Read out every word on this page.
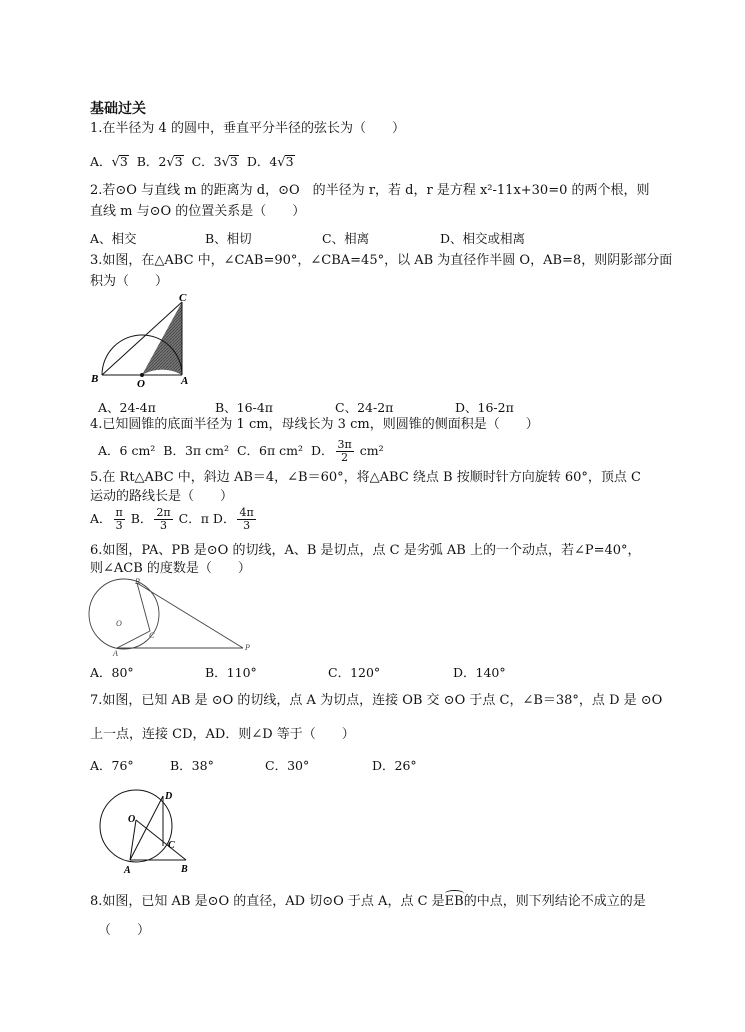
基础过关
1.在半径为 4 的圆中，垂直平分半径的弦长为（　　）
A．√3 B．2√3 C．3√3 D．4√3
2.若⊙O 与直线 m 的距离为 d，⊙O　的半径为 r，若 d，r 是方程 x²-11x+30=0 的两个根，则
直线 m 与⊙O 的位置关系是（　　）
A、相交	B、相切	C、相离	D、相交或相离
3.如图，在△ABC 中，∠CAB=90°，∠CBA=45°，以 AB 为直径作半圆 O，AB=8，则阴影部分面
积为（　　）
B	O	A
C
A、24-4π	B、16-4π	C、24-2π	D、16-2π
4.已知圆锥的底面半径为 1 cm，母线长为 3 cm，则圆锥的侧面积是（　　）
A．6 cm² B．3π cm² C．6π cm² D． $\frac{3\pi}{2} cm^2$
5.在 Rt△ABC 中，斜边 AB＝4，∠B＝60°，将△ABC 绕点 B 按顺时针方向旋转 60°，顶点 C
运动的路线长是（　　）
A． $\frac{\pi}{3}$ B． $\frac{2\pi}{3}$ C．π D． $\frac{4\pi}{3}$
6.如图，PA、PB 是⊙O 的切线，A、B 是切点，点 C 是劣弧 AB 上的一个动点，若∠P=40°，
则∠ACB 的度数是（　　）
B
O
C
A
P
A．80°	B．110°	C．120°	D．140°
7.如图，已知 AB 是 ⊙O 的切线，点 A 为切点，连接 OB 交 ⊙O 于点 C，∠B＝38°，点 D 是 ⊙O
上一点，连接 CD，AD．则∠D 等于（　　）
A．76°	B．38°	C．30°	D．26°
D
O
C
A	B
8.如图，已知 AB 是⊙O 的直径，AD 切⊙O 于点 A，点 C 是EB的中点，则下列结论不成立的是
（　　）
